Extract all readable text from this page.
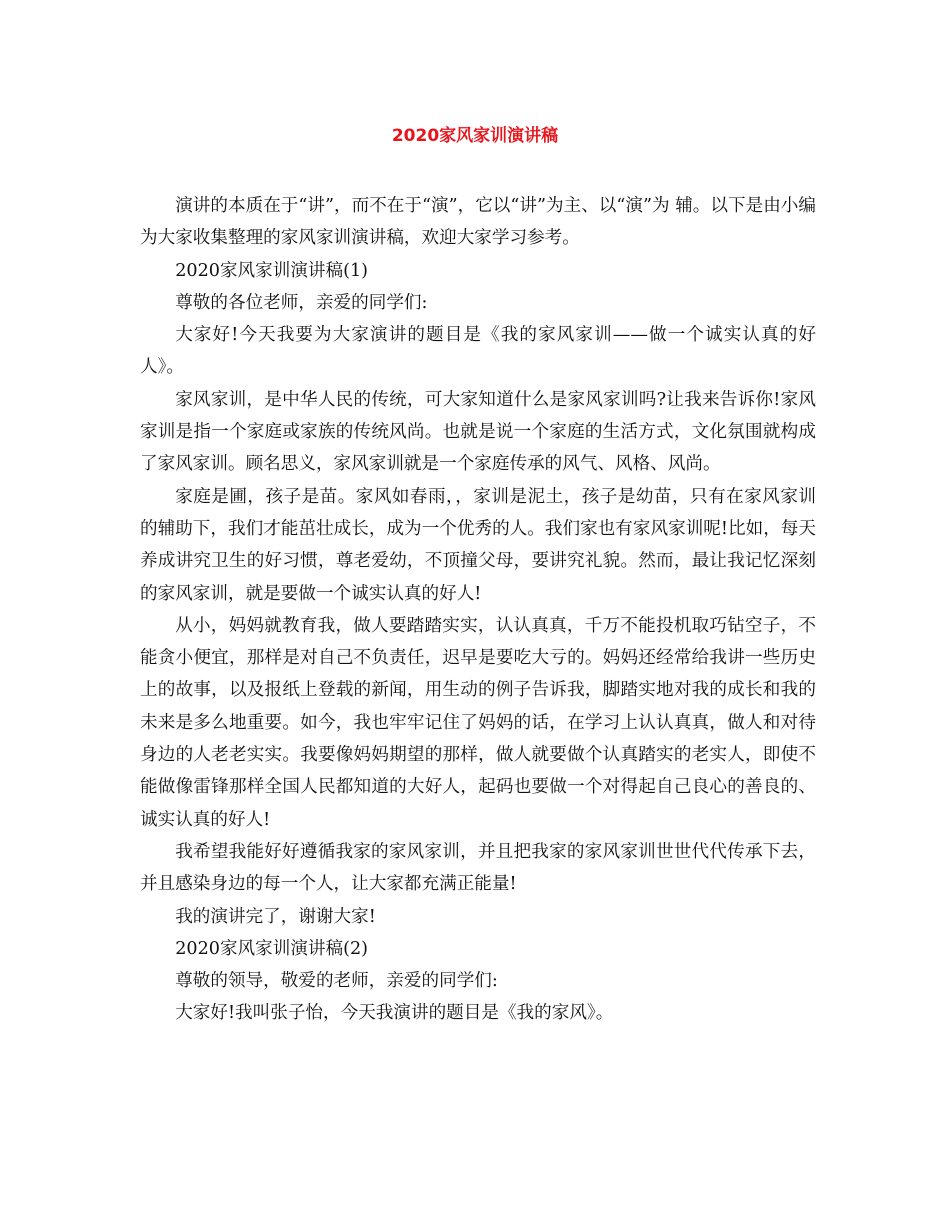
2020家风家训演讲稿

演讲的本质在于“讲”，而不在于“演”，它以“讲”为主、以“演”为 辅。以下是由小编为大家收集整理的家风家训演讲稿，欢迎大家学习参考。

2020家风家训演讲稿(1)

尊敬的各位老师，亲爱的同学们:

大家好!今天我要为大家演讲的题目是《我的家风家训——做一个诚实认真的好人》。

家风家训，是中华人民的传统，可大家知道什么是家风家训吗?让我来告诉你!家风家训是指一个家庭或家族的传统风尚。也就是说一个家庭的生活方式，文化氛围就构成了家风家训。顾名思义，家风家训就是一个家庭传承的风气、风格、风尚。

家庭是圃，孩子是苗。家风如春雨，，家训是泥土，孩子是幼苗，只有在家风家训的辅助下，我们才能茁壮成长，成为一个优秀的人。我们家也有家风家训呢!比如，每天养成讲究卫生的好习惯，尊老爱幼，不顶撞父母，要讲究礼貌。然而，最让我记忆深刻的家风家训，就是要做一个诚实认真的好人!

从小，妈妈就教育我，做人要踏踏实实，认认真真，千万不能投机取巧钻空子，不能贪小便宜，那样是对自己不负责任，迟早是要吃大亏的。妈妈还经常给我讲一些历史上的故事，以及报纸上登载的新闻，用生动的例子告诉我，脚踏实地对我的成长和我的未来是多么地重要。如今，我也牢牢记住了妈妈的话，在学习上认认真真，做人和对待身边的人老老实实。我要像妈妈期望的那样，做人就要做个认真踏实的老实人，即使不能做像雷锋那样全国人民都知道的大好人，起码也要做一个对得起自己良心的善良的、诚实认真的好人!

我希望我能好好遵循我家的家风家训，并且把我家的家风家训世世代代传承下去，并且感染身边的每一个人，让大家都充满正能量!

我的演讲完了，谢谢大家!

2020家风家训演讲稿(2)

尊敬的领导，敬爱的老师，亲爱的同学们:

大家好!我叫张子怡，今天我演讲的题目是《我的家风》。
